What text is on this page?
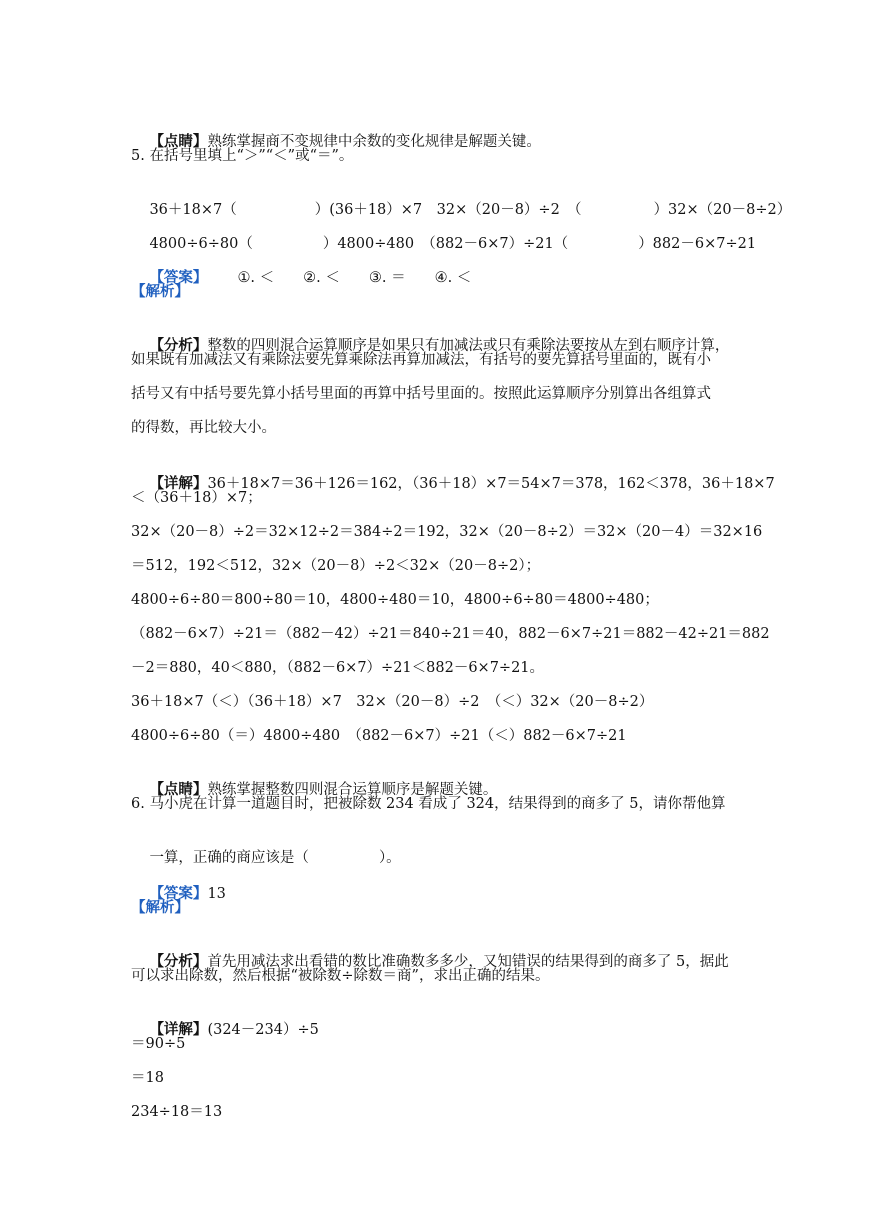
【点睛】熟练掌握商不变规律中余数的变化规律是解题关键。

5. 在括号里填上“＞”“＜”或“＝”。

36＋18×7（	）(36＋18）×7　32×（20－8）÷2　（	）32×（20－8÷2）

4800÷6÷80（	）4800÷480　（882－6×7）÷21（	）882－6×7÷21

【答案】 ①. ＜　　②. ＜　　③. ＝　　④. ＜

【解析】

【分析】整数的四则混合运算顺序是如果只有加减法或只有乘除法要按从左到右顺序计算，

如果既有加减法又有乘除法要先算乘除法再算加减法，有括号的要先算括号里面的，既有小
括号又有中括号要先算小括号里面的再算中括号里面的。按照此运算顺序分别算出各组算式
的得数，再比较大小。

【详解】36＋18×7＝36＋126＝162，（36＋18）×7＝54×7＝378，162＜378，36＋18×7

＜（36＋18）×7；
32×（20－8）÷2＝32×12÷2＝384÷2＝192，32×（20－8÷2）＝32×（20－4）＝32×16
＝512，192＜512，32×（20－8）÷2＜32×（20－8÷2）；
4800÷6÷80＝800÷80＝10，4800÷480＝10，4800÷6÷80＝4800÷480；
（882－6×7）÷21＝（882－42）÷21＝840÷21＝40，882－6×7÷21＝882－42÷21＝882
－2＝880，40＜880，（882－6×7）÷21＜882－6×7÷21。
36＋18×7（＜）（36＋18）×7　32×（20－8）÷2　（＜）32×（20－8÷2）
4800÷6÷80（＝）4800÷480　（882－6×7）÷21（＜）882－6×7÷21

【点睛】熟练掌握整数四则混合运算顺序是解题关键。

6. 马小虎在计算一道题目时，把被除数 234 看成了 324，结果得到的商多了 5，请你帮他算

一算，正确的商应该是（	）。

【答案】13

【解析】

【分析】首先用减法求出看错的数比准确数多多少，又知错误的结果得到的商多了 5，据此

可以求出除数，然后根据“被除数÷除数＝商”，求出正确的结果。

【详解】(324－234）÷5

＝90÷5
＝18
234÷18＝13
